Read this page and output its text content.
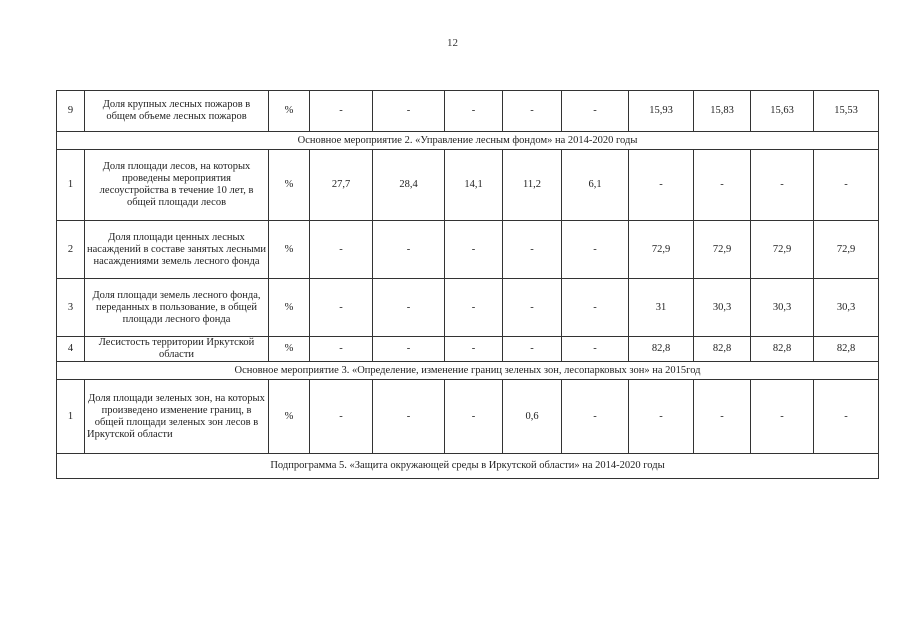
12
9	Доля крупных лесных пожаров в общем объеме лесных пожаров	%	-	-	-	-	-	15,93	15,83	15,63	15,53
Основное мероприятие 2. «Управление лесным фондом» на 2014-2020 годы											
1	Доля площади лесов, на которых проведены мероприятия лесоустройства в течение 10 лет, в общей площади лесов	%	27,7	28,4	14,1	11,2	6,1	-	-	-	-
2	Доля площади ценных лесных насаждений в составе занятых лесными насаждениями земель лесного фонда	%	-	-	-	-	-	72,9	72,9	72,9	72,9
3	Доля площади земель лесного фонда, переданных в пользование, в общей площади лесного фонда	%	-	-	-	-	-	31	30,3	30,3	30,3
4	Лесистость территории Иркутской области	%	-	-	-	-	-	82,8	82,8	82,8	82,8
Основное мероприятие 3. «Определение, изменение границ зеленых зон, лесопарковых зон» на 2015год											
1	Доля площади зеленых зон, на которых произведено изменение границ, в общей площади зеленых зон лесов в Иркутской области	%	-	-	-	0,6	-	-	-	-	-
Подпрограмма 5. «Защита окружающей среды в Иркутской области» на 2014-2020 годы											
